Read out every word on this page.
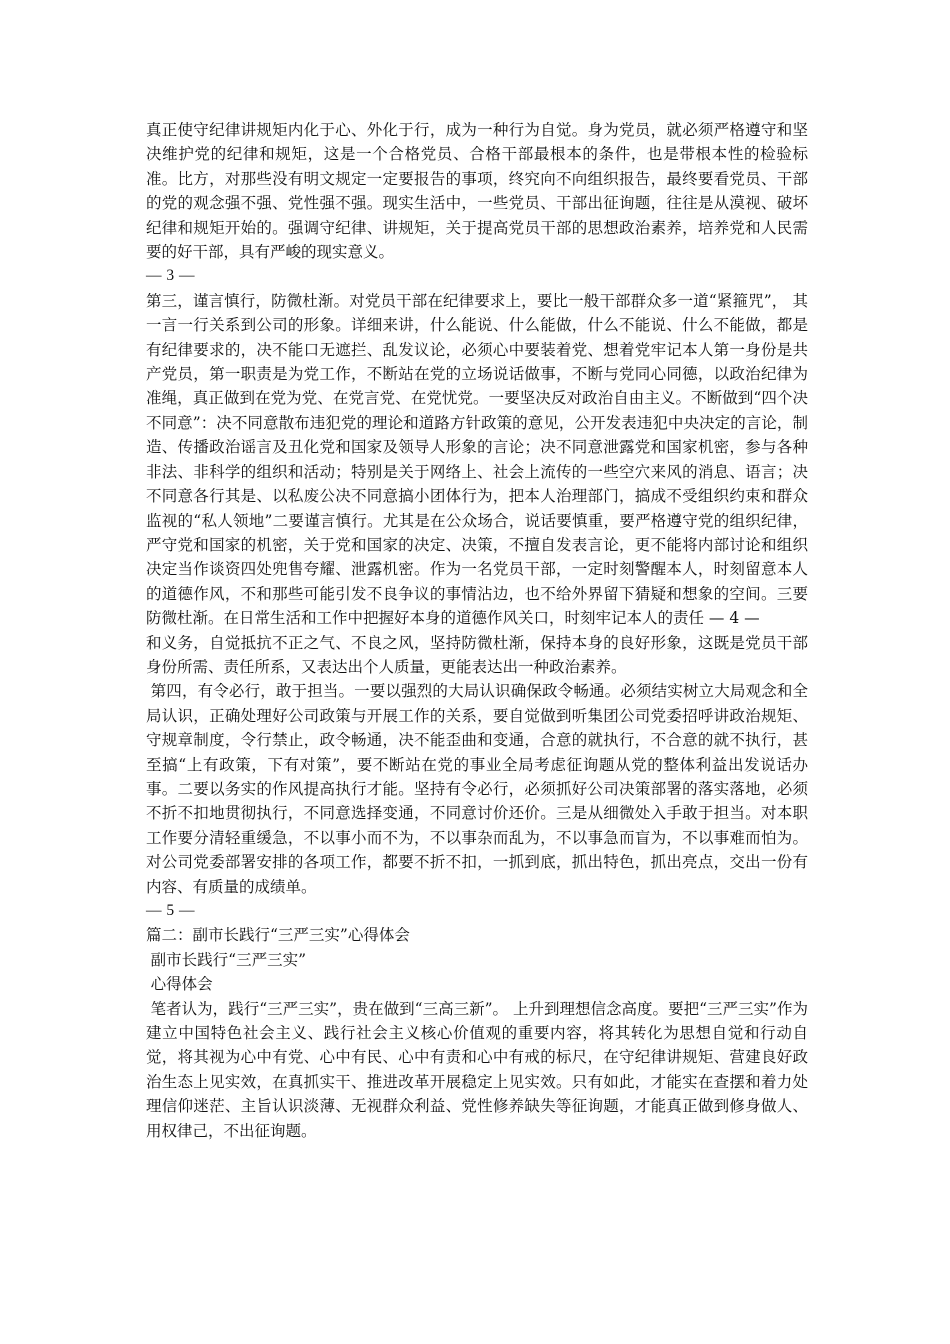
真正使守纪律讲规矩内化于心、外化于行，成为一种行为自觉。身为党员，就必须严格遵守和坚决维护党的纪律和规矩，这是一个合格党员、合格干部最根本的条件，也是带根本性的检验标准。比方，对那些没有明文规定一定要报告的事项，终究向不向组织报告，最终要看党员、干部的党的观念强不强、党性强不强。现实生活中，一些党员、干部出征询题，往往是从漠视、破坏纪律和规矩开始的。强调守纪律、讲规矩，关于提高党员干部的思想政治素养，培养党和人民需要的好干部，具有严峻的现实意义。

— 3 —

第三，谨言慎行，防微杜渐。对党员干部在纪律要求上，要比一般干部群众多一道“紧箍咒”， 其一言一行关系到公司的形象。详细来讲，什么能说、什么能做，什么不能说、什么不能做，都是有纪律要求的，决不能口无遮拦、乱发议论，必须心中要装着党、想着党牢记本人第一身份是共产党员，第一职责是为党工作，不断站在党的立场说话做事，不断与党同心同德，以政治纪律为准绳，真正做到在党为党、在党言党、在党忧党。一要坚决反对政治自由主义。不断做到“四个决不同意”：决不同意散布违犯党的理论和道路方针政策的意见，公开发表违犯中央决定的言论，制造、传播政治谣言及丑化党和国家及领导人形象的言论；决不同意泄露党和国家机密，参与各种非法、非科学的组织和活动；特别是关于网络上、社会上流传的一些空穴来风的消息、语言；决不同意各行其是、以私废公决不同意搞小团体行为，把本人治理部门，搞成不受组织约束和群众监视的“私人领地”二要谨言慎行。尤其是在公众场合，说话要慎重，要严格遵守党的组织纪律，严守党和国家的机密，关于党和国家的决定、决策，不擅自发表言论，更不能将内部讨论和组织决定当作谈资四处兜售夸耀、泄露机密。作为一名党员干部，一定时刻警醒本人，时刻留意本人的道德作风，不和那些可能引发不良争议的事情沾边，也不给外界留下猜疑和想象的空间。三要防微杜渐。在日常生活和工作中把握好本身的道德作风关口，时刻牢记本人的责任 — 4 —

和义务，自觉抵抗不正之气、不良之风，坚持防微杜渐，保持本身的良好形象，这既是党员干部身份所需、责任所系，又表达出个人质量，更能表达出一种政治素养。

第四，有令必行，敢于担当。一要以强烈的大局认识确保政令畅通。必须结实树立大局观念和全局认识，正确处理好公司政策与开展工作的关系，要自觉做到听集团公司党委招呼讲政治规矩、守规章制度，令行禁止，政令畅通，决不能歪曲和变通，合意的就执行，不合意的就不执行，甚至搞“上有政策，下有对策”，要不断站在党的事业全局考虑征询题从党的整体利益出发说话办事。二要以务实的作风提高执行才能。坚持有令必行，必须抓好公司决策部署的落实落地，必须不折不扣地贯彻执行，不同意选择变通，不同意讨价还价。三是从细微处入手敢于担当。对本职工作要分清轻重缓急，不以事小而不为，不以事杂而乱为，不以事急而盲为，不以事难而怕为。对公司党委部署安排的各项工作，都要不折不扣，一抓到底，抓出特色，抓出亮点，交出一份有内容、有质量的成绩单。

— 5 —

篇二：副市长践行“三严三实”心得体会

副市长践行“三严三实”

心得体会

笔者认为，践行“三严三实”，贵在做到“三高三新”。 上升到理想信念高度。要把“三严三实”作为建立中国特色社会主义、践行社会主义核心价值观的重要内容，将其转化为思想自觉和行动自觉，将其视为心中有党、心中有民、心中有责和心中有戒的标尺，在守纪律讲规矩、营建良好政治生态上见实效，在真抓实干、推进改革开展稳定上见实效。只有如此，才能实在查摆和着力处理信仰迷茫、主旨认识淡薄、无视群众利益、党性修养缺失等征询题，才能真正做到修身做人、用权律己，不出征询题。
